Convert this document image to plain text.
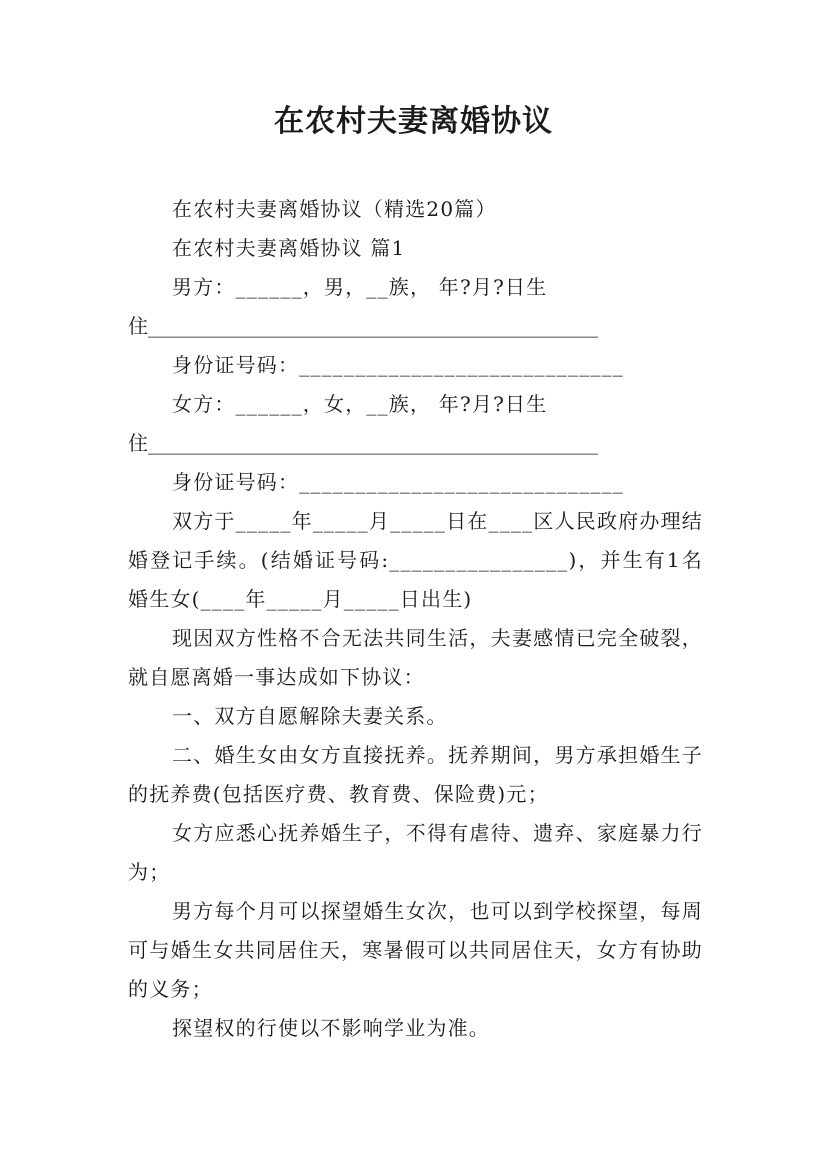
在农村夫妻离婚协议

在农村夫妻离婚协议（精选20篇）

在农村夫妻离婚协议 篇1

男方：______，男，__族， 年?月?日生

住_____________________________________________

身份证号码：_____________________________

女方：______，女，__族， 年?月?日生

住_____________________________________________

身份证号码：_____________________________

双方于_____年_____月_____日在____区人民政府办理结婚登记手续。(结婚证号码:________________)，并生有1名婚生女(____年_____月_____日出生)

现因双方性格不合无法共同生活，夫妻感情已完全破裂，就自愿离婚一事达成如下协议：

一、双方自愿解除夫妻关系。

二、婚生女由女方直接抚养。抚养期间，男方承担婚生子的抚养费(包括医疗费、教育费、保险费)元；

女方应悉心抚养婚生子，不得有虐待、遗弃、家庭暴力行为；

男方每个月可以探望婚生女次，也可以到学校探望，每周可与婚生女共同居住天，寒暑假可以共同居住天，女方有协助的义务；

探望权的行使以不影响学业为准。
